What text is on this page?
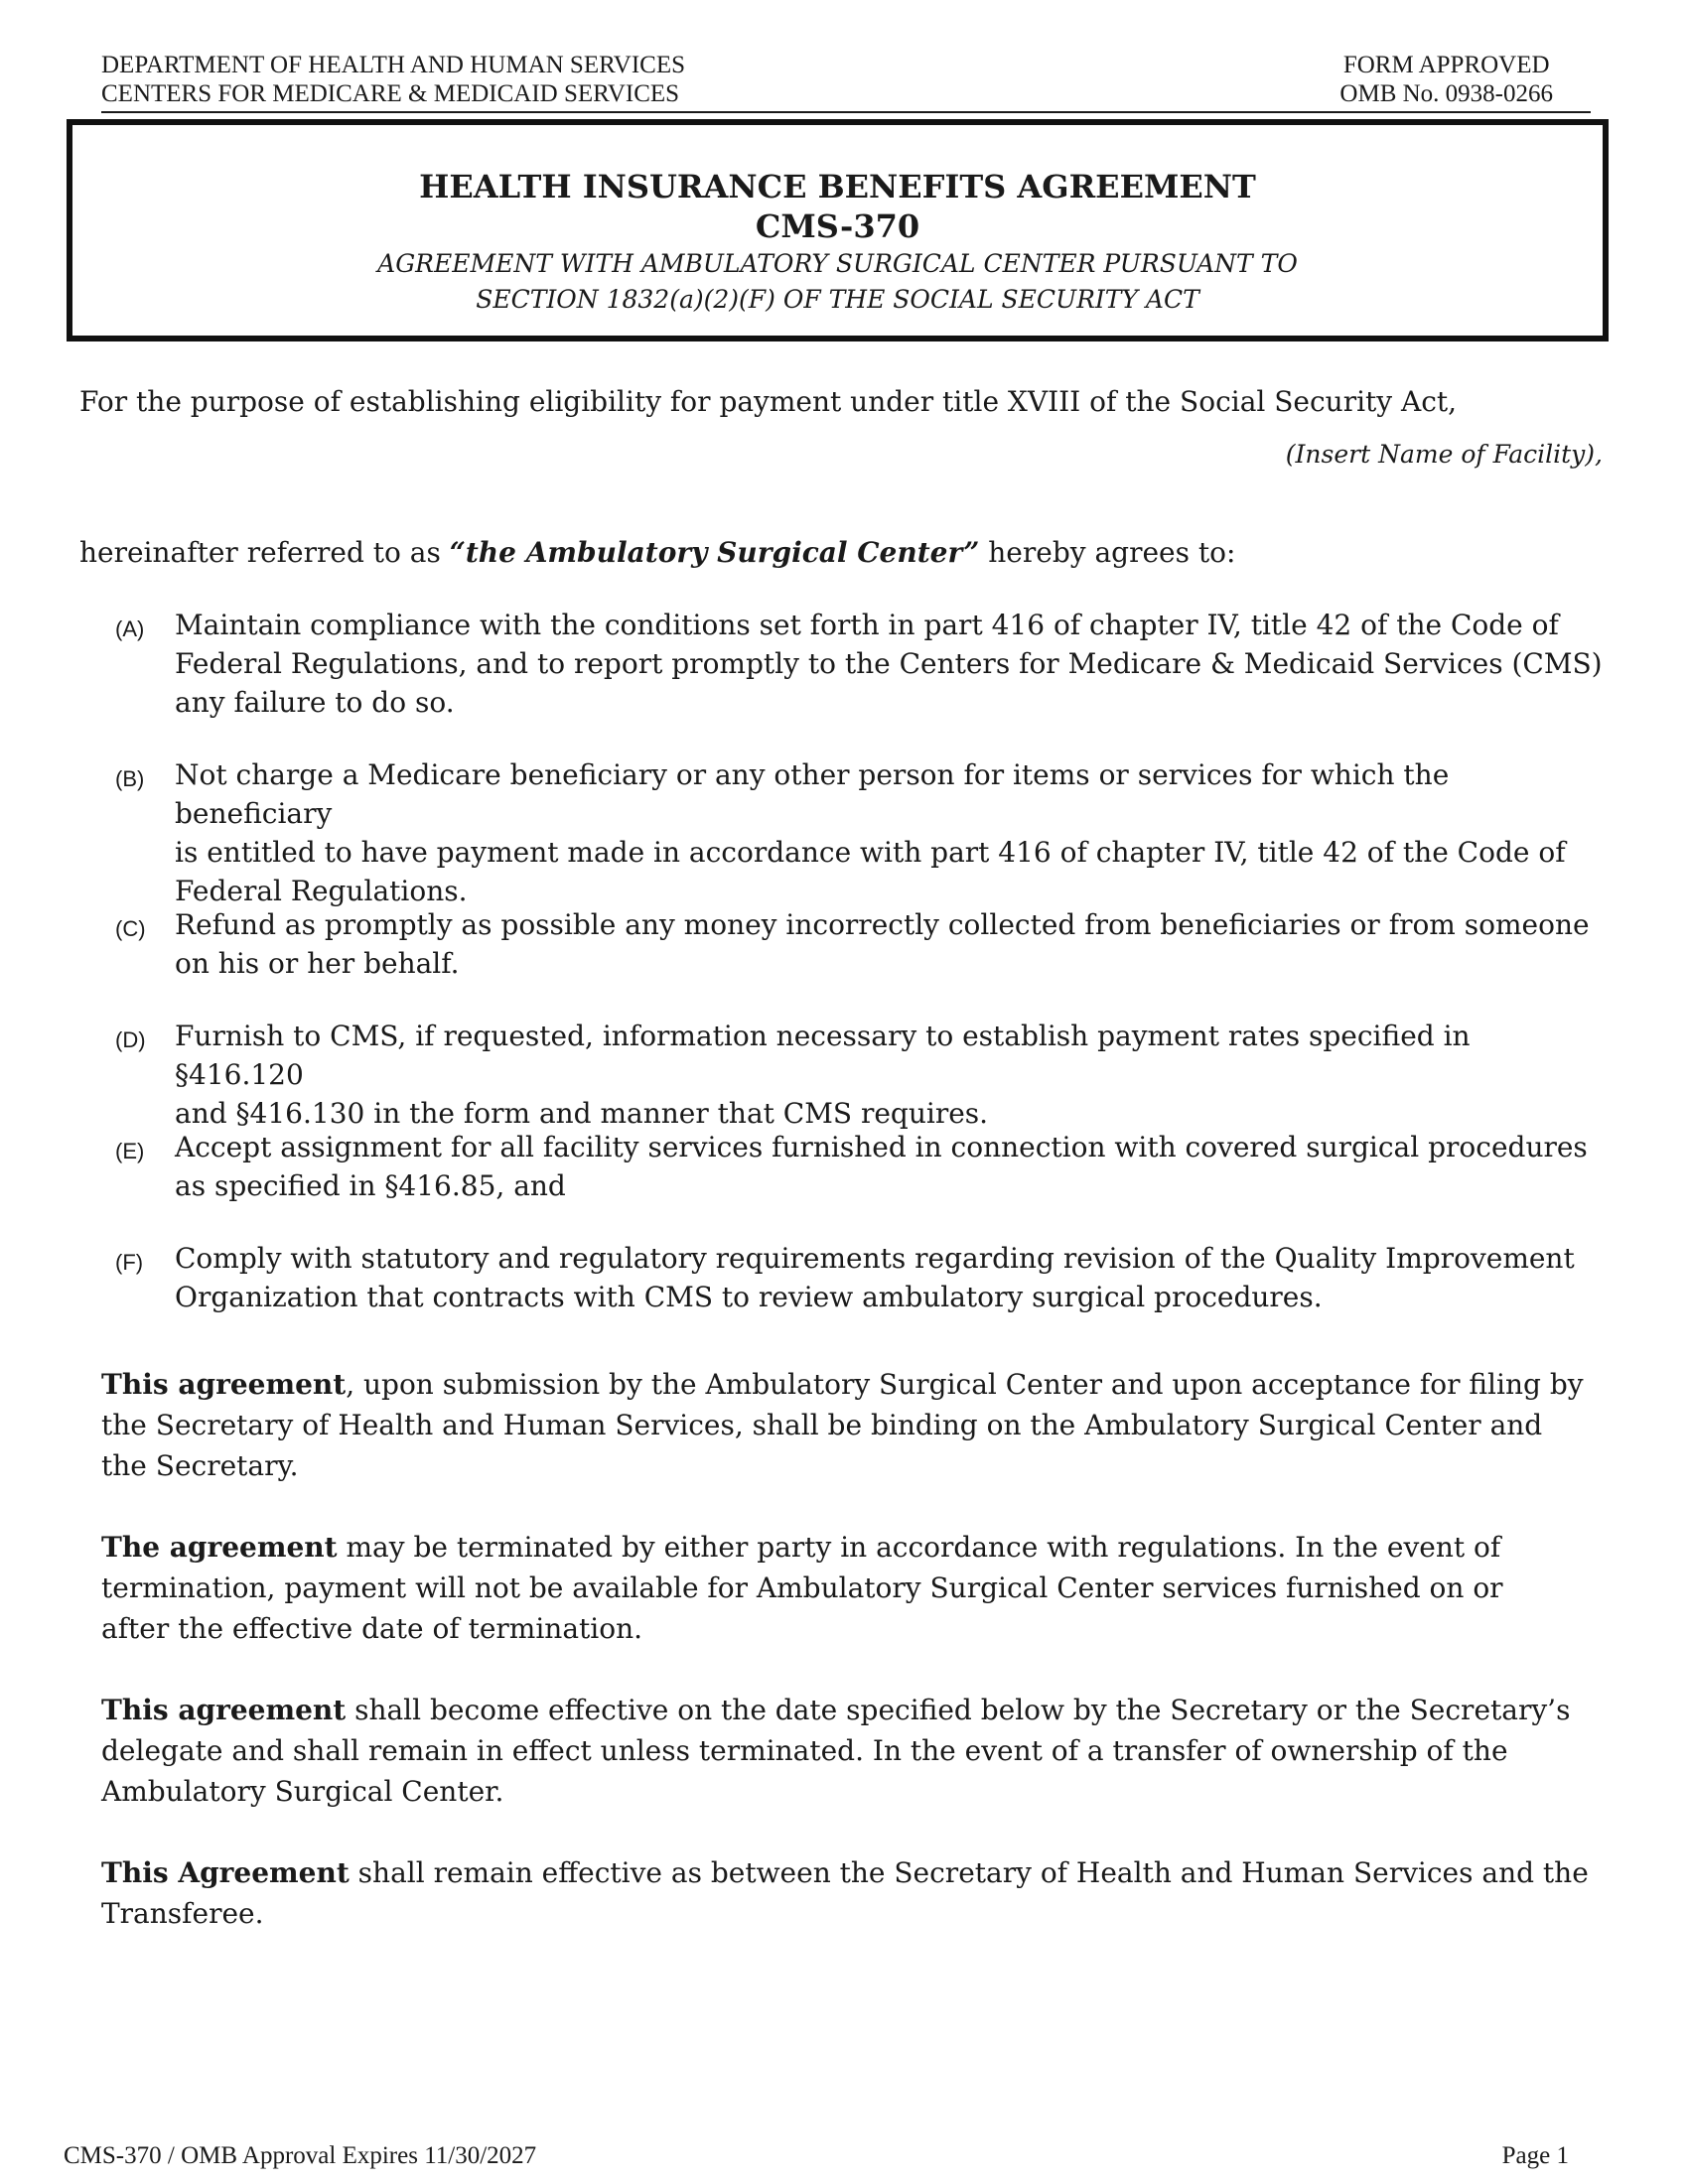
DEPARTMENT OF HEALTH AND HUMAN SERVICES
CENTERS FOR MEDICARE & MEDICAID SERVICES
FORM APPROVED
OMB No. 0938-0266
HEALTH INSURANCE BENEFITS AGREEMENT
CMS-370
AGREEMENT WITH AMBULATORY SURGICAL CENTER PURSUANT TO
SECTION 1832(a)(2)(F) OF THE SOCIAL SECURITY ACT
For the purpose of establishing eligibility for payment under title XVIII of the Social Security Act,
(Insert Name of Facility),
hereinafter referred to as “the Ambulatory Surgical Center” hereby agrees to:
(A) Maintain compliance with the conditions set forth in part 416 of chapter IV, title 42 of the Code of
Federal Regulations, and to report promptly to the Centers for Medicare & Medicaid Services (CMS)
any failure to do so.
(B) Not charge a Medicare beneficiary or any other person for items or services for which the beneficiary
is entitled to have payment made in accordance with part 416 of chapter IV, title 42 of the Code of
Federal Regulations.
(C) Refund as promptly as possible any money incorrectly collected from beneficiaries or from someone
on his or her behalf.
(D) Furnish to CMS, if requested, information necessary to establish payment rates specified in §416.120
and §416.130 in the form and manner that CMS requires.
(E) Accept assignment for all facility services furnished in connection with covered surgical procedures
as specified in §416.85, and
(F) Comply with statutory and regulatory requirements regarding revision of the Quality Improvement
Organization that contracts with CMS to review ambulatory surgical procedures.
This agreement, upon submission by the Ambulatory Surgical Center and upon acceptance for filing by
the Secretary of Health and Human Services, shall be binding on the Ambulatory Surgical Center and
the Secretary.
The agreement may be terminated by either party in accordance with regulations. In the event of
termination, payment will not be available for Ambulatory Surgical Center services furnished on or
after the effective date of termination.
This agreement shall become effective on the date specified below by the Secretary or the Secretary’s
delegate and shall remain in effect unless terminated. In the event of a transfer of ownership of the
Ambulatory Surgical Center.
This Agreement shall remain effective as between the Secretary of Health and Human Services and the
Transferee.
CMS-370 / OMB Approval Expires 11/30/2027	Page 1
